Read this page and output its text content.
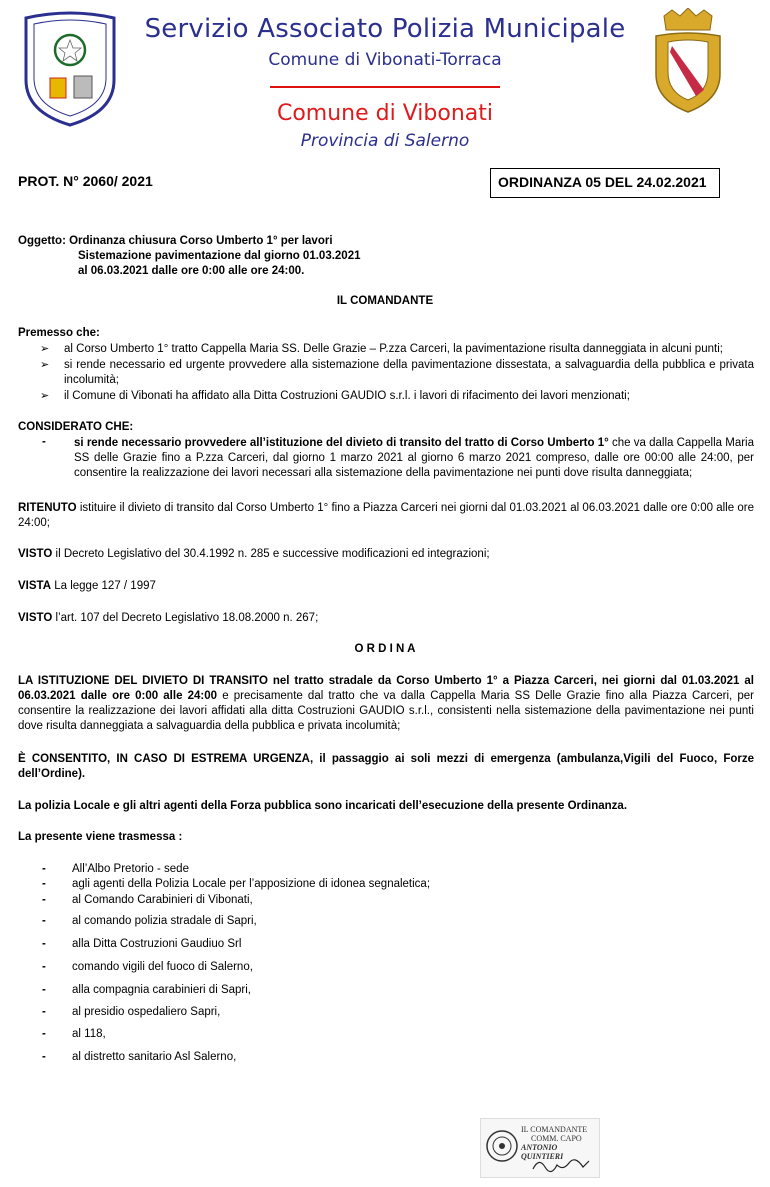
Servizio Associato Polizia Municipale
Comune di Vibonati-Torraca
Comune di Vibonati
Provincia di Salerno
PROT. N° 2060/ 2021	ORDINANZA 05 DEL 24.02.2021
Oggetto: Ordinanza chiusura Corso Umberto 1° per lavori
Sistemazione pavimentazione dal giorno 01.03.2021
al 06.03.2021 dalle ore 0:00 alle ore 24:00.
IL COMANDANTE
Premesso che:
➢ al Corso Umberto 1° tratto Cappella Maria SS. Delle Grazie – P.zza Carceri, la pavimentazione risulta danneggiata in alcuni punti;
➢ si rende necessario ed urgente provvedere alla sistemazione della pavimentazione dissestata, a salvaguardia della pubblica e privata incolumità;
➢ il Comune di Vibonati ha affidato alla Ditta Costruzioni GAUDIO s.r.l. i lavori di rifacimento dei lavori menzionati;
CONSIDERATO CHE:
- si rende necessario provvedere all’istituzione del divieto di transito del tratto di Corso Umberto 1° che va dalla Cappella Maria SS delle Grazie fino a P.zza Carceri, dal giorno 1 marzo 2021 al giorno 6 marzo 2021 compreso, dalle ore 00:00 alle 24:00, per consentire la realizzazione dei lavori necessari alla sistemazione della pavimentazione nei punti dove risulta danneggiata;
RITENUTO istituire il divieto di transito dal Corso Umberto 1° fino a Piazza Carceri nei giorni dal 01.03.2021 al 06.03.2021 dalle ore 0:00 alle ore 24:00;
VISTO il Decreto Legislativo del 30.4.1992 n. 285 e successive modificazioni ed integrazioni;
VISTA La legge 127 / 1997
VISTO l’art. 107 del Decreto Legislativo 18.08.2000 n. 267;
O R D I N A
LA ISTITUZIONE DEL DIVIETO DI TRANSITO nel tratto stradale da Corso Umberto 1° a Piazza Carceri, nei giorni dal 01.03.2021 al 06.03.2021 dalle ore 0:00 alle 24:00 e precisamente dal tratto che va dalla Cappella Maria SS Delle Grazie fino alla Piazza Carceri, per consentire la realizzazione dei lavori affidati alla ditta Costruzioni GAUDIO s.r.l., consistenti nella sistemazione della pavimentazione nei punti dove risulta danneggiata a salvaguardia della pubblica e privata incolumità;
È CONSENTITO, IN CASO DI ESTREMA URGENZA, il passaggio ai soli mezzi di emergenza (ambulanza,Vigili del Fuoco, Forze dell’Ordine).
La polizia Locale e gli altri agenti della Forza pubblica sono incaricati dell’esecuzione della presente Ordinanza.
La presente viene trasmessa :
- All’Albo Pretorio - sede
- agli agenti della Polizia Locale per l’apposizione di idonea segnaletica;
- al Comando Carabinieri di Vibonati,
- al comando polizia stradale di Sapri,
- alla Ditta Costruzioni Gaudiuo Srl
- comando vigili del fuoco di Salerno,
- alla compagnia carabinieri di Sapri,
- al presidio ospedaliero Sapri,
- al 118,
- al distretto sanitario Asl Salerno,
IL COMANDANTE
COMM. CAPO
ANTONIO QUINTIERI
